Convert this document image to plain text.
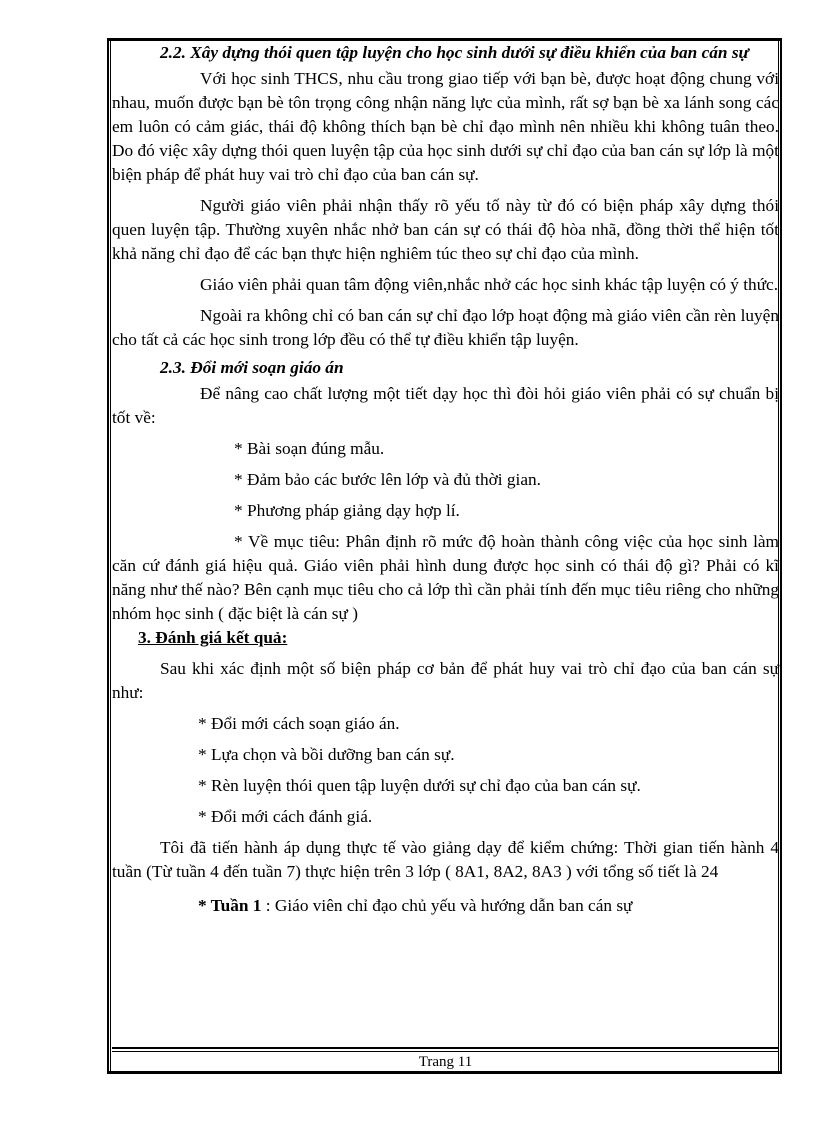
2.2. Xây dựng thói quen tập luyện cho học sinh dưới sự điều khiển của ban cán sự

Với học sinh THCS, nhu cầu trong giao tiếp với bạn bè, được hoạt động chung với nhau, muốn được bạn bè tôn trọng công nhận năng lực của mình, rất sợ bạn bè xa lánh song các em luôn có cảm giác, thái độ không thích bạn bè chỉ đạo mình nên nhiều khi không tuân theo. Do đó việc xây dựng thói quen luyện tập của học sinh dưới sự chỉ đạo của ban cán sự lớp là một biện pháp để phát huy vai trò chỉ đạo của ban cán sự.

Người giáo viên phải nhận thấy rõ yếu tố này từ đó có biện pháp xây dựng thói quen luyện tập. Thường xuyên nhắc nhở ban cán sự có thái độ hòa nhã, đồng thời thể hiện tốt khả năng chỉ đạo để các bạn thực hiện nghiêm túc theo sự chỉ đạo của mình.

Giáo viên phải quan tâm động viên,nhắc nhở các học sinh khác tập luyện có ý thức.

Ngoài ra không chỉ có ban cán sự chỉ đạo lớp hoạt động mà giáo viên cần rèn luyện cho tất cả các học sinh trong lớp đều có thể tự điều khiển tập luyện.

2.3. Đổi mới soạn giáo án

Để nâng cao chất lượng một tiết dạy học thì đòi hỏi giáo viên phải có sự chuẩn bị tốt về:

* Bài soạn đúng mẫu.

* Đảm bảo các bước lên lớp và đủ thời gian.

* Phương pháp giảng dạy hợp lí.

* Về mục tiêu: Phân định rõ mức độ hoàn thành công việc của học sinh làm căn cứ đánh giá hiệu quả. Giáo viên phải hình dung được học sinh có thái độ gì? Phải có kĩ năng như thế nào? Bên cạnh mục tiêu cho cả lớp thì cần phải tính đến mục tiêu riêng cho những nhóm học sinh ( đặc biệt là cán sự )

3. Đánh giá kết quả:

Sau khi xác định một số biện pháp cơ bản để phát huy vai trò chỉ đạo của ban cán sự như:

* Đổi mới cách soạn giáo án.

* Lựa chọn và bồi dưỡng ban cán sự.

* Rèn luyện thói quen tập luyện dưới sự chỉ đạo của ban cán sự.

* Đổi mới cách đánh giá.

Tôi đã tiến hành áp dụng thực tế vào giảng dạy để kiểm chứng: Thời gian tiến hành 4 tuần (Từ tuần 4 đến tuần 7) thực hiện trên 3 lớp ( 8A1, 8A2, 8A3 ) với tổng số tiết là 24

* Tuần 1 : Giáo viên chỉ đạo chủ yếu và hướng dẫn ban cán sự

Trang 11
